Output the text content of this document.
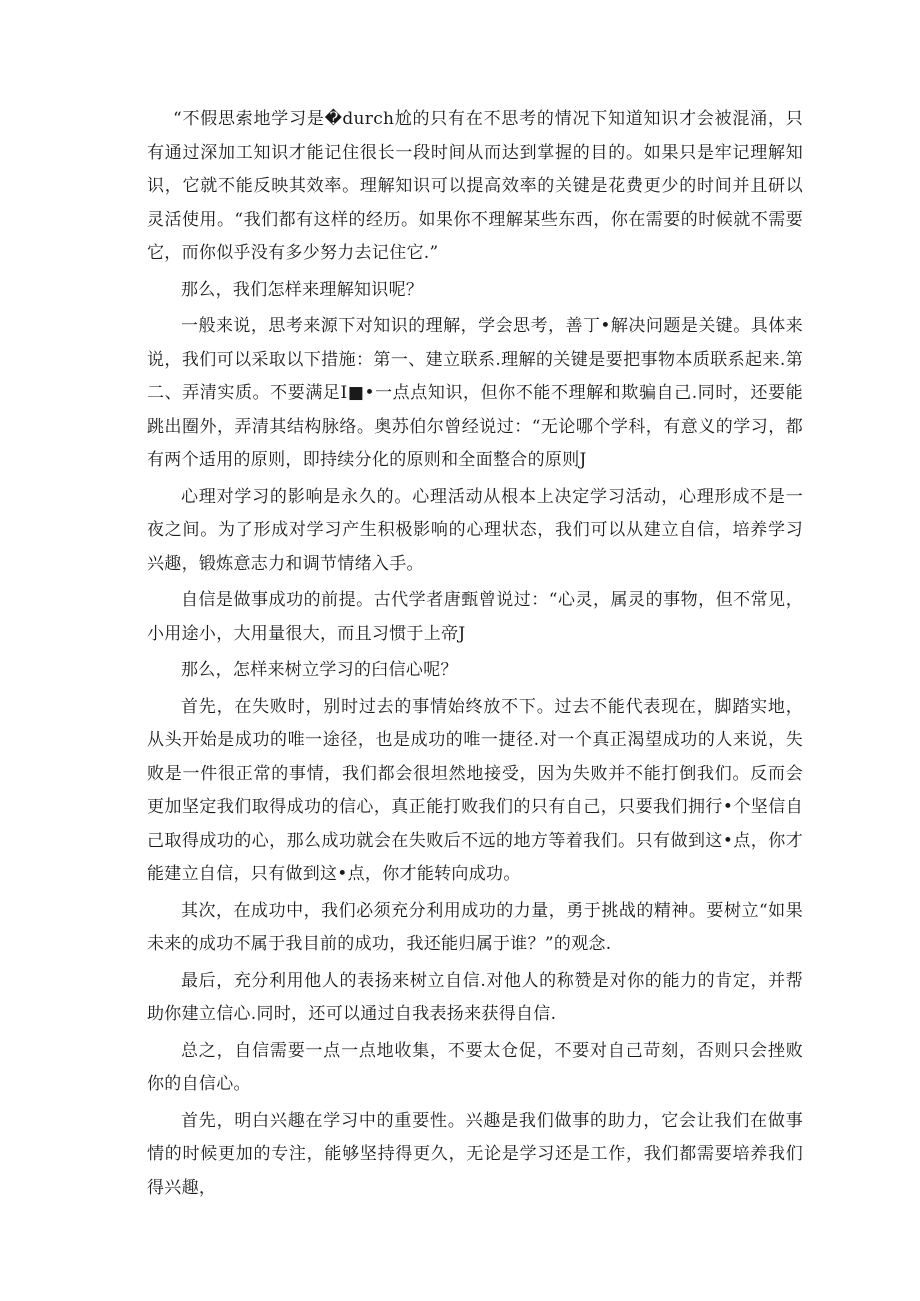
“不假思索地学习是�durch尬的只有在不思考的情况下知道知识才会被混涌，只有通过深加工知识才能记住很长一段时间从而达到掌握的目的。如果只是牢记理解知识，它就不能反映其效率。理解知识可以提高效率的关键是花费更少的时间并且研以灵活使用。“我们都有这样的经历。如果你不理解某些东西，你在需要的时候就不需要它，而你似乎没有多少努力去记住它.”

那么，我们怎样来理解知识呢？

一般来说，思考来源下对知识的理解，学会思考，善丁•解决问题是关键。具体来说，我们可以采取以下措施：第一、建立联系.理解的关键是要把事物本质联系起来.第二、弄清实质。不要满足I■•一点点知识，但你不能不理解和欺骗自己.同时，还要能跳出圈外，弄清其结构脉络。奥苏伯尔曾经说过：“无论哪个学科，有意义的学习，都有两个适用的原则，即持续分化的原则和全面整合的原则J

心理对学习的影响是永久的。心理活动从根本上决定学习活动，心理形成不是一夜之间。为了形成对学习产生积极影响的心理状态，我们可以从建立自信，培养学习兴趣，锻炼意志力和调节情绪入手。

自信是做事成功的前提。古代学者唐甄曾说过：“心灵，属灵的事物，但不常见，小用途小，大用量很大，而且习惯于上帝J

那么，怎样来树立学习的臼信心呢？

首先，在失败时，别时过去的事情始终放不下。过去不能代表现在，脚踏实地，从头开始是成功的唯一途径，也是成功的唯一捷径.对一个真正渴望成功的人来说，失败是一件很正常的事情，我们都会很坦然地接受，因为失败并不能打倒我们。反而会更加坚定我们取得成功的信心，真正能打败我们的只有自己，只要我们拥行•个坚信自己取得成功的心，那么成功就会在失败后不远的地方等着我们。只有做到这•点，你才能建立自信，只有做到这•点，你才能转向成功。

其次，在成功中，我们必须充分利用成功的力量，勇于挑战的精神。要树立“如果未来的成功不属于我目前的成功，我还能归属于谁？”的观念.

最后，充分利用他人的表扬来树立自信.对他人的称赞是对你的能力的肯定，并帮助你建立信心.同时，还可以通过自我表扬来获得自信.

总之，自信需要一点一点地收集，不要太仓促，不要对自己苛刻，否则只会挫败你的自信心。

首先，明白兴趣在学习中的重要性。兴趣是我们做事的助力，它会让我们在做事情的时候更加的专注，能够坚持得更久，无论是学习还是工作，我们都需要培养我们得兴趣，
